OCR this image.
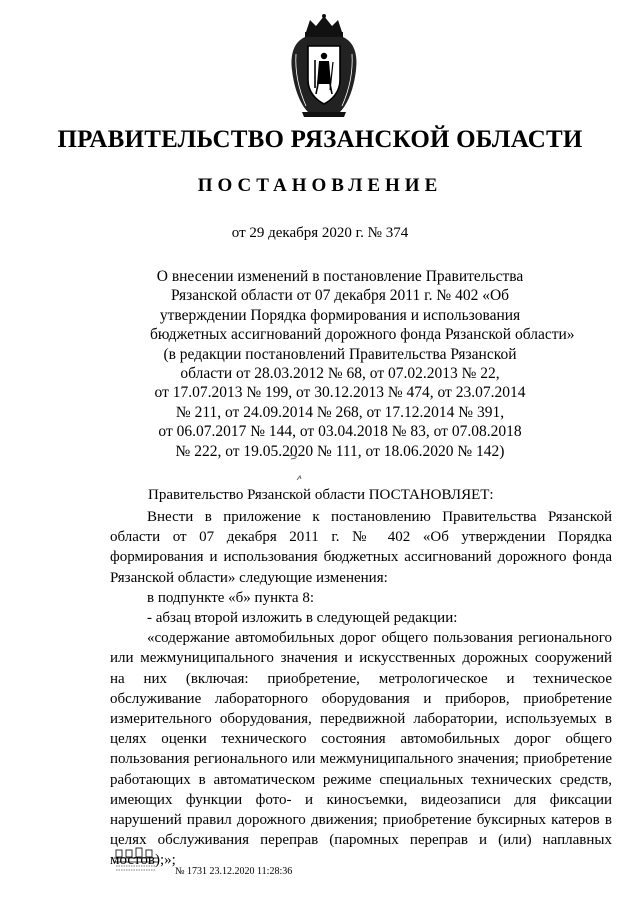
ПРАВИТЕЛЬСТВО РЯЗАНСКОЙ ОБЛАСТИ
ПОСТАНОВЛЕНИЕ
от 29 декабря 2020 г. № 374
О внесении изменений в постановление Правительства
Рязанской области от 07 декабря 2011 г. № 402 «Об
утверждении Порядка формирования и использования
бюджетных ассигнований дорожного фонда Рязанской области»
(в редакции постановлений Правительства Рязанской
области от 28.03.2012 № 68, от 07.02.2013 № 22,
от 17.07.2013 № 199, от 30.12.2013 № 474, от 23.07.2014
№ 211, от 24.09.2014 № 268, от 17.12.2014 № 391,
от 06.07.2017 № 144, от 03.04.2018 № 83, от 07.08.2018
№ 222, от 19.05.2020 № 111, от 18.06.2020 № 142)
Правительство Рязанской области ПОСТАНОВЛЯЕТ:

Внести в приложение к постановлению Правительства Рязанской области от 07 декабря 2011 г. № 402 «Об утверждении Порядка формирования и использования бюджетных ассигнований дорожного фонда Рязанской области» следующие изменения:

в подпункте «б» пункта 8:

- абзац второй изложить в следующей редакции:

«содержание автомобильных дорог общего пользования регионального или межмуниципального значения и искусственных дорожных сооружений на них (включая: приобретение, метрологическое и техническое обслуживание лабораторного оборудования и приборов, приобретение измерительного оборудования, передвижной лаборатории, используемых в целях оценки технического состояния автомобильных дорог общего пользования регионального или межмуниципального значения; приобретение работающих в автоматическом режиме специальных технических средств, имеющих функции фото- и киносъемки, видеозаписи для фиксации нарушений правил дорожного движения; приобретение буксирных катеров в целях обслуживания переправ (паромных переправ и (или) наплавных мостов);»;

№ 1731 23.12.2020 11:28:36
